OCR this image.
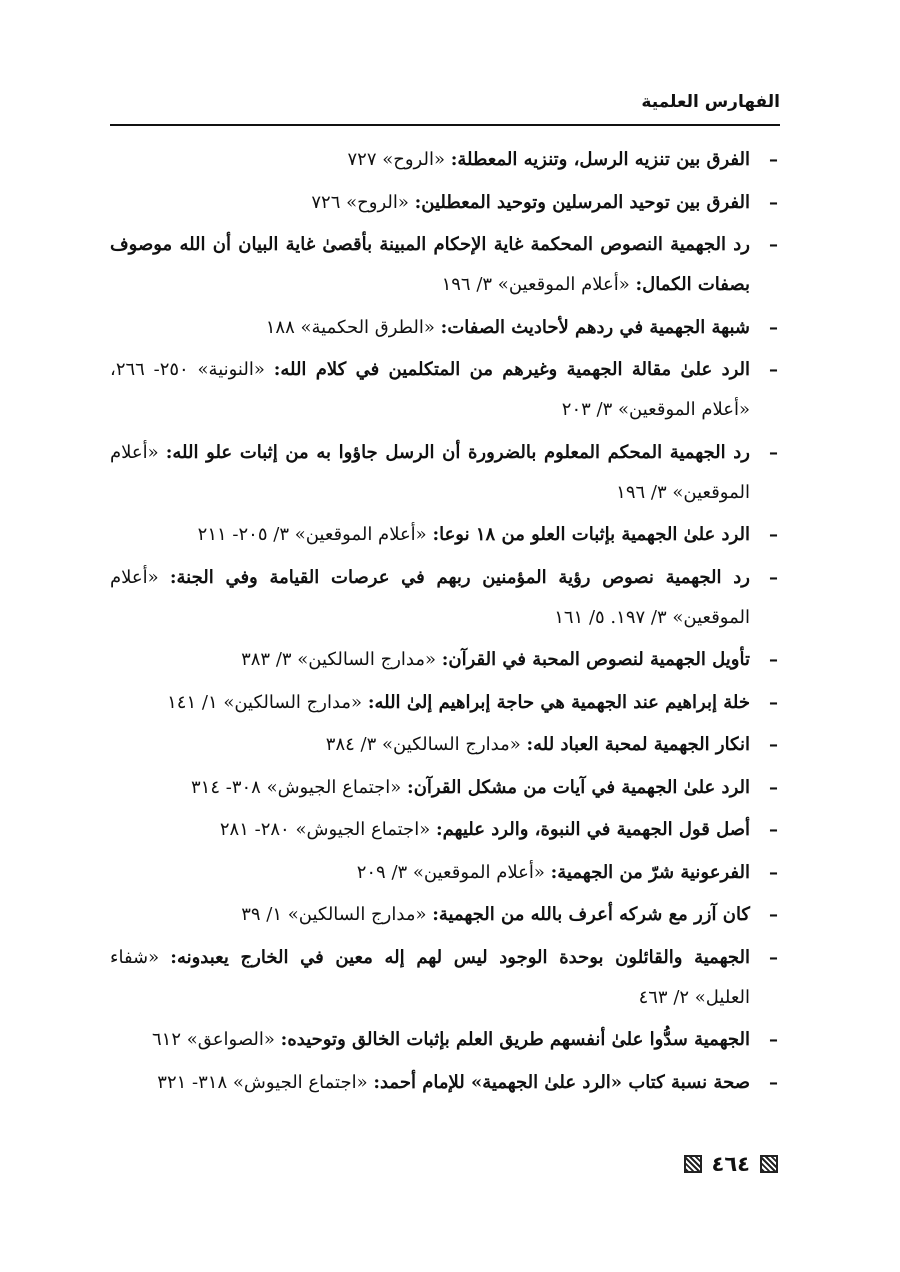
الفهارس العلمية
–
الفرق بين تنزيه الرسل، وتنزيه المعطلة: «الروح» ٧٢٧
–
الفرق بين توحيد المرسلين وتوحيد المعطلين: «الروح» ٧٢٦
–
رد الجهمية النصوص المحكمة غاية الإحكام المبينة بأقصىٰ غاية البيان أن الله موصوف بصفات الكمال: «أعلام الموقعين» ٣/ ١٩٦
–
شبهة الجهمية في ردهم لأحاديث الصفات: «الطرق الحكمية» ١٨٨
–
الرد علىٰ مقالة الجهمية وغيرهم من المتكلمين في كلام الله: «النونية» ٢٥٠- ٢٦٦، «أعلام الموقعين» ٣/ ٢٠٣
–
رد الجهمية المحكم المعلوم بالضرورة أن الرسل جاؤوا به من إثبات علو الله: «أعلام الموقعين» ٣/ ١٩٦
–
الرد علىٰ الجهمية بإثبات العلو من ١٨ نوعا: «أعلام الموقعين» ٣/ ٢٠٥- ٢١١
–
رد الجهمية نصوص رؤية المؤمنين ربهم في عرصات القيامة وفي الجنة: «أعلام الموقعين» ٣/ ١٩٧. ٥/ ١٦١
–
تأويل الجهمية لنصوص المحبة في القرآن: «مدارج السالكين» ٣/ ٣٨٣
–
خلة إبراهيم عند الجهمية هي حاجة إبراهيم إلىٰ الله: «مدارج السالكين» ١/ ١٤١
–
انكار الجهمية لمحبة العباد لله: «مدارج السالكين» ٣/ ٣٨٤
–
الرد علىٰ الجهمية في آيات من مشكل القرآن: «اجتماع الجيوش» ٣٠٨- ٣١٤
–
أصل قول الجهمية في النبوة، والرد عليهم: «اجتماع الجيوش» ٢٨٠- ٢٨١
–
الفرعونية شرّ من الجهمية: «أعلام الموقعين» ٣/ ٢٠٩
–
كان آزر مع شركه أعرف بالله من الجهمية: «مدارج السالكين» ١/ ٣٩
–
الجهمية والقائلون بوحدة الوجود ليس لهم إله معين في الخارج يعبدونه: «شفاء العليل» ٢/ ٤٦٣
–
الجهمية سدُّوا علىٰ أنفسهم طريق العلم بإثبات الخالق وتوحيده: «الصواعق» ٦١٢
–
صحة نسبة كتاب «الرد علىٰ الجهمية» للإمام أحمد: «اجتماع الجيوش» ٣١٨- ٣٢١
٤٦٤
